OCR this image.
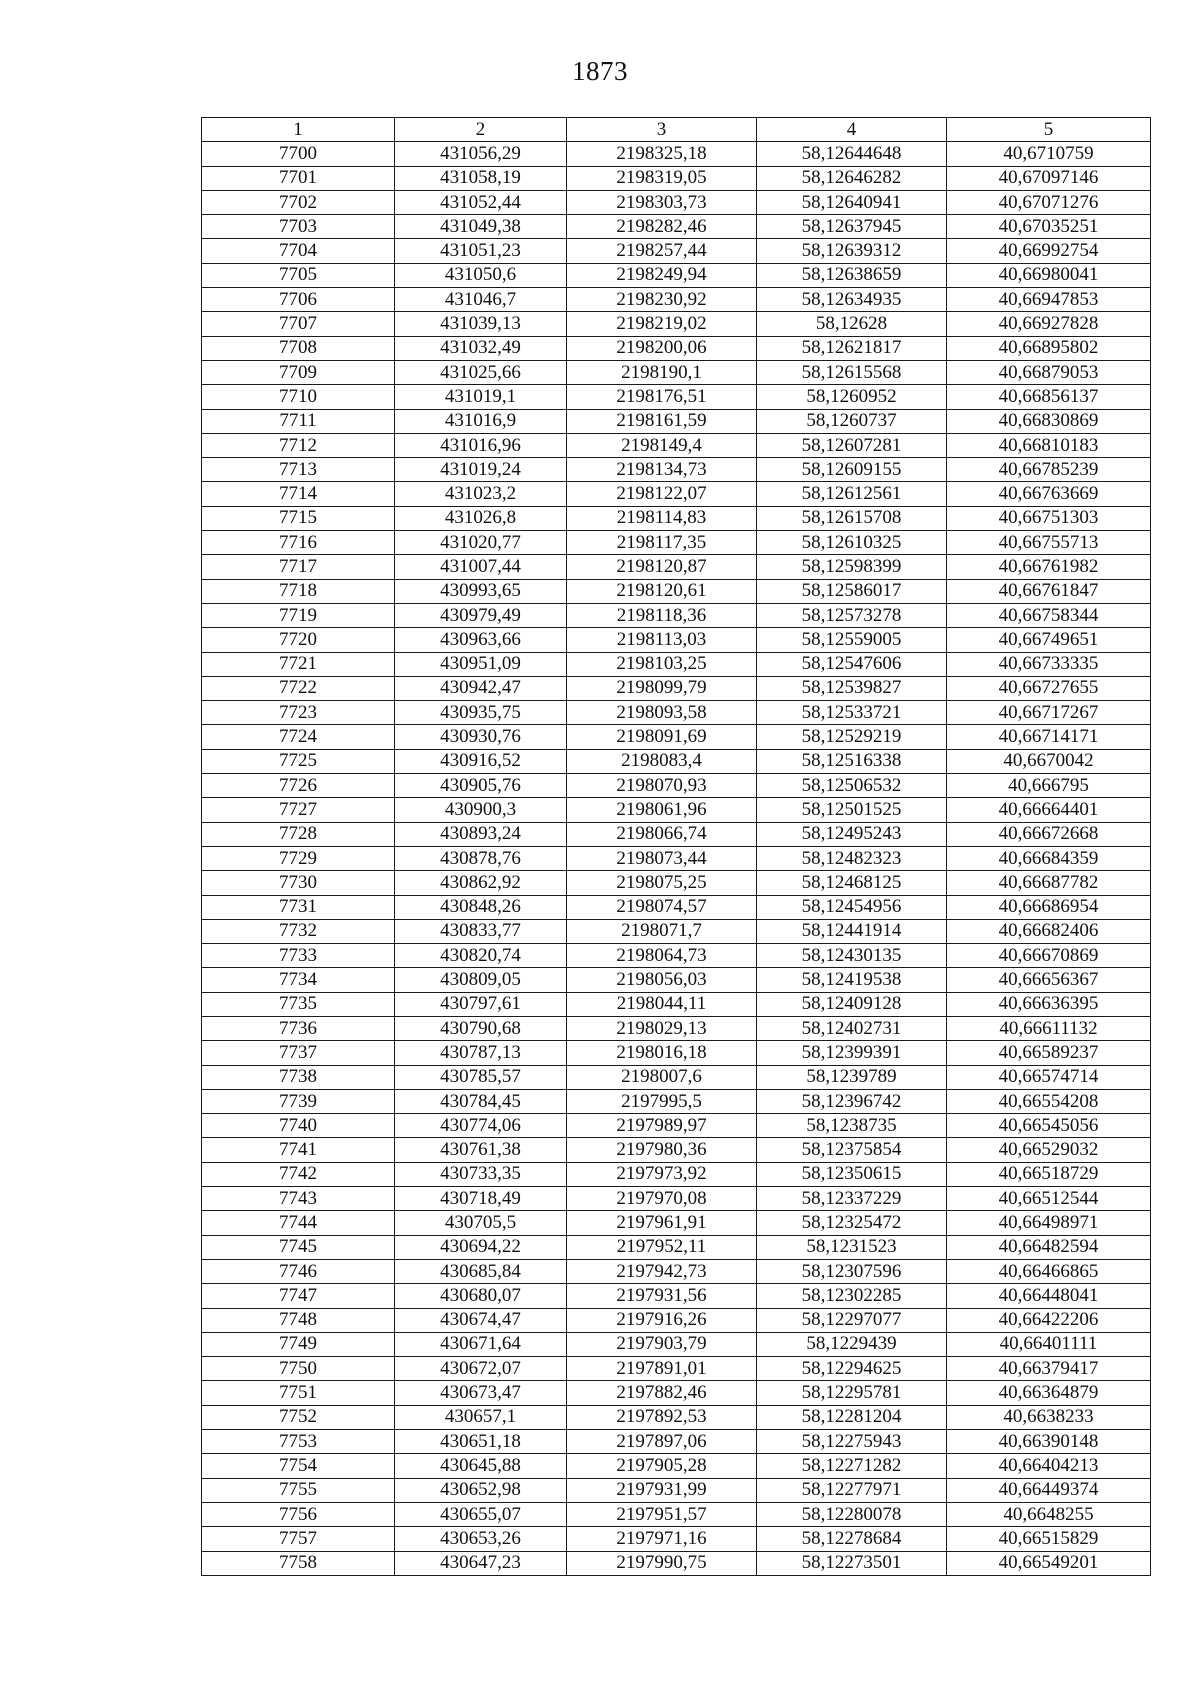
1873
1	2	3	4	5
7700	431056,29	2198325,18	58,12644648	40,6710759
7701	431058,19	2198319,05	58,12646282	40,67097146
7702	431052,44	2198303,73	58,12640941	40,67071276
7703	431049,38	2198282,46	58,12637945	40,67035251
7704	431051,23	2198257,44	58,12639312	40,66992754
7705	431050,6	2198249,94	58,12638659	40,66980041
7706	431046,7	2198230,92	58,12634935	40,66947853
7707	431039,13	2198219,02	58,12628	40,66927828
7708	431032,49	2198200,06	58,12621817	40,66895802
7709	431025,66	2198190,1	58,12615568	40,66879053
7710	431019,1	2198176,51	58,1260952	40,66856137
7711	431016,9	2198161,59	58,1260737	40,66830869
7712	431016,96	2198149,4	58,12607281	40,66810183
7713	431019,24	2198134,73	58,12609155	40,66785239
7714	431023,2	2198122,07	58,12612561	40,66763669
7715	431026,8	2198114,83	58,12615708	40,66751303
7716	431020,77	2198117,35	58,12610325	40,66755713
7717	431007,44	2198120,87	58,12598399	40,66761982
7718	430993,65	2198120,61	58,12586017	40,66761847
7719	430979,49	2198118,36	58,12573278	40,66758344
7720	430963,66	2198113,03	58,12559005	40,66749651
7721	430951,09	2198103,25	58,12547606	40,66733335
7722	430942,47	2198099,79	58,12539827	40,66727655
7723	430935,75	2198093,58	58,12533721	40,66717267
7724	430930,76	2198091,69	58,12529219	40,66714171
7725	430916,52	2198083,4	58,12516338	40,6670042
7726	430905,76	2198070,93	58,12506532	40,666795
7727	430900,3	2198061,96	58,12501525	40,66664401
7728	430893,24	2198066,74	58,12495243	40,66672668
7729	430878,76	2198073,44	58,12482323	40,66684359
7730	430862,92	2198075,25	58,12468125	40,66687782
7731	430848,26	2198074,57	58,12454956	40,66686954
7732	430833,77	2198071,7	58,12441914	40,66682406
7733	430820,74	2198064,73	58,12430135	40,66670869
7734	430809,05	2198056,03	58,12419538	40,66656367
7735	430797,61	2198044,11	58,12409128	40,66636395
7736	430790,68	2198029,13	58,12402731	40,66611132
7737	430787,13	2198016,18	58,12399391	40,66589237
7738	430785,57	2198007,6	58,1239789	40,66574714
7739	430784,45	2197995,5	58,12396742	40,66554208
7740	430774,06	2197989,97	58,1238735	40,66545056
7741	430761,38	2197980,36	58,12375854	40,66529032
7742	430733,35	2197973,92	58,12350615	40,66518729
7743	430718,49	2197970,08	58,12337229	40,66512544
7744	430705,5	2197961,91	58,12325472	40,66498971
7745	430694,22	2197952,11	58,1231523	40,66482594
7746	430685,84	2197942,73	58,12307596	40,66466865
7747	430680,07	2197931,56	58,12302285	40,66448041
7748	430674,47	2197916,26	58,12297077	40,66422206
7749	430671,64	2197903,79	58,1229439	40,66401111
7750	430672,07	2197891,01	58,12294625	40,66379417
7751	430673,47	2197882,46	58,12295781	40,66364879
7752	430657,1	2197892,53	58,12281204	40,6638233
7753	430651,18	2197897,06	58,12275943	40,66390148
7754	430645,88	2197905,28	58,12271282	40,66404213
7755	430652,98	2197931,99	58,12277971	40,66449374
7756	430655,07	2197951,57	58,12280078	40,6648255
7757	430653,26	2197971,16	58,12278684	40,66515829
7758	430647,23	2197990,75	58,12273501	40,66549201
